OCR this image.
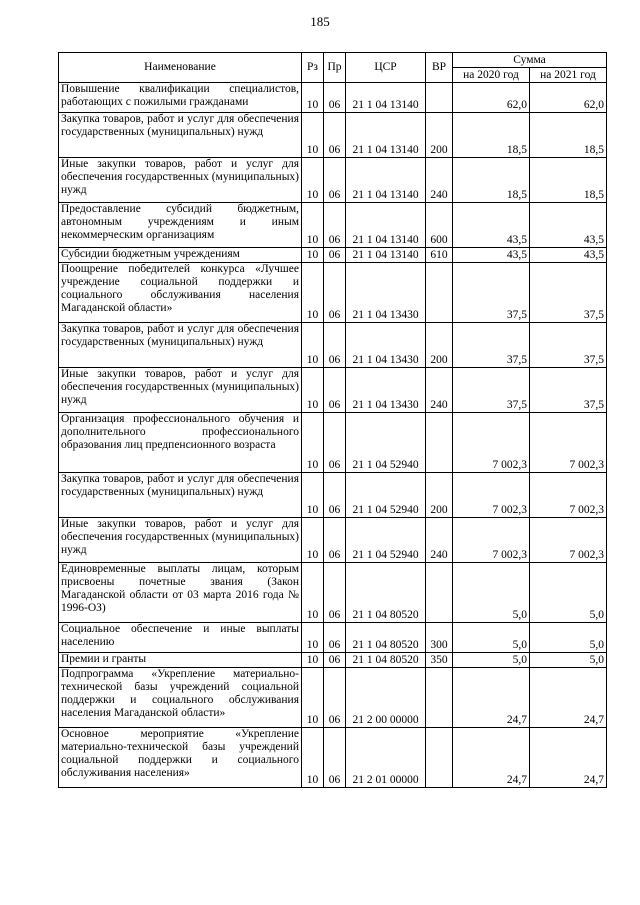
185
Наименование	Рз	Пр	ЦСР	ВР	Сумма	
					на 2020 год	на 2021 год
Повышение квалификации специалистов, работающих с пожилыми гражданами	10	06	21 1 04 13140		62,0	62,0
Закупка товаров, работ и услуг для обеспечения государственных (муниципальных) нужд	10	06	21 1 04 13140	200	18,5	18,5
Иные закупки товаров, работ и услуг для обеспечения государственных (муниципальных) нужд	10	06	21 1 04 13140	240	18,5	18,5
Предоставление субсидий бюджетным, автономным учреждениям и иным некоммерческим организациям	10	06	21 1 04 13140	600	43,5	43,5
Субсидии бюджетным учреждениям	10	06	21 1 04 13140	610	43,5	43,5
Поощрение победителей конкурса «Лучшее учреждение социальной поддержки и социального обслуживания населения Магаданской области»	10	06	21 1 04 13430		37,5	37,5
Закупка товаров, работ и услуг для обеспечения государственных (муниципальных) нужд	10	06	21 1 04 13430	200	37,5	37,5
Иные закупки товаров, работ и услуг для обеспечения государственных (муниципальных) нужд	10	06	21 1 04 13430	240	37,5	37,5
Организация профессионального обучения и дополнительного профессионального образования лиц предпенсионного возраста	10	06	21 1 04 52940		7 002,3	7 002,3
Закупка товаров, работ и услуг для обеспечения государственных (муниципальных) нужд	10	06	21 1 04 52940	200	7 002,3	7 002,3
Иные закупки товаров, работ и услуг для обеспечения государственных (муниципальных) нужд	10	06	21 1 04 52940	240	7 002,3	7 002,3
Единовременные выплаты лицам, которым присвоены почетные звания (Закон Магаданской области от 03 марта 2016 года № 1996-ОЗ)	10	06	21 1 04 80520		5,0	5,0
Социальное обеспечение и иные выплаты населению	10	06	21 1 04 80520	300	5,0	5,0
Премии и гранты	10	06	21 1 04 80520	350	5,0	5,0
Подпрограмма «Укрепление материально-технической базы учреждений социальной поддержки и социального обслуживания населения Магаданской области»	10	06	21 2 00 00000		24,7	24,7
Основное мероприятие «Укрепление материально-технической базы учреждений социальной поддержки и социального обслуживания населения»	10	06	21 2 01 00000		24,7	24,7
